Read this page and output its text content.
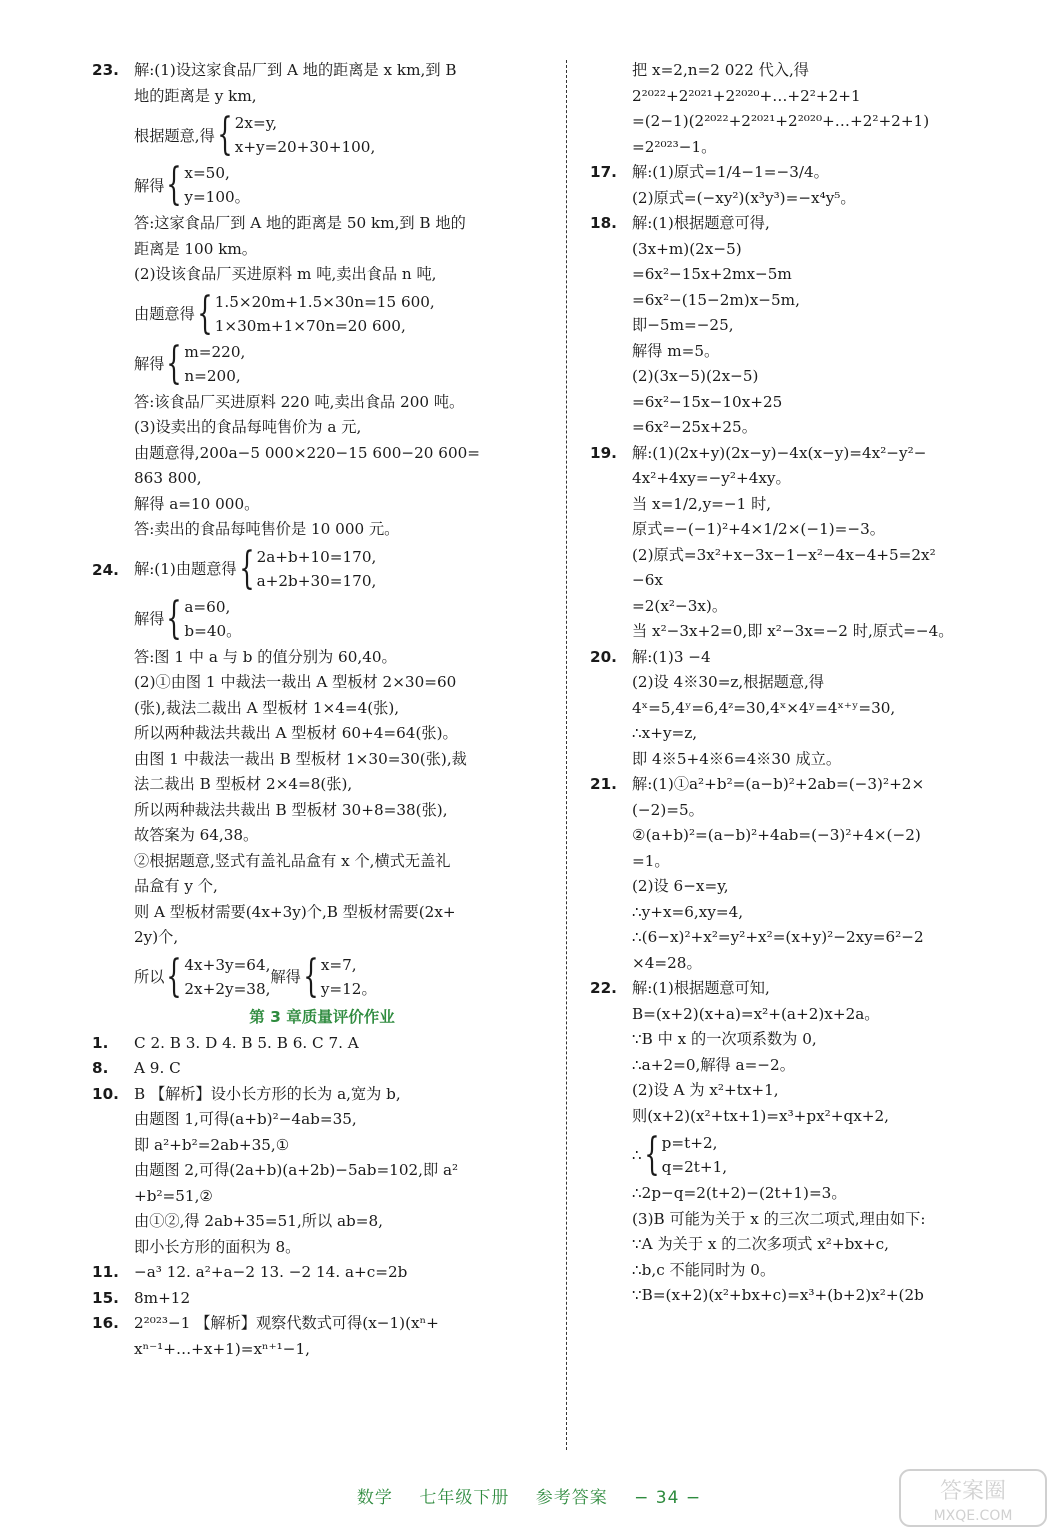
23. 解:(1)设这家食品厂到 A 地的距离是 x km,到 B
地的距离是 y km,
根据题意,得{ 2x=y,
x+y=20+30+100,
解得{ x=50,
y=100。
答:这家食品厂到 A 地的距离是 50 km,到 B 地的
距离是 100 km。
(2)设该食品厂买进原料 m 吨,卖出食品 n 吨,
由题意得{ 1.5×20m+1.5×30n=15 600,
1×30m+1×70n=20 600,
解得{ m=220,
n=200,
答:该食品厂买进原料 220 吨,卖出食品 200 吨。
(3)设卖出的食品每吨售价为 a 元,
由题意得,200a−5 000×220−15 600−20 600=
863 800,
解得 a=10 000。
答:卖出的食品每吨售价是 10 000 元。
24. 解:(1)由题意得{ 2a+b+10=170,
a+2b+30=170,
解得{ a=60,
b=40。
答:图 1 中 a 与 b 的值分别为 60,40。
(2)①由图 1 中裁法一裁出 A 型板材 2×30=60
(张),裁法二裁出 A 型板材 1×4=4(张),
所以两种裁法共裁出 A 型板材 60+4=64(张)。
由图 1 中裁法一裁出 B 型板材 1×30=30(张),裁
法二裁出 B 型板材 2×4=8(张),
所以两种裁法共裁出 B 型板材 30+8=38(张),
故答案为 64,38。
②根据题意,竖式有盖礼品盒有 x 个,横式无盖礼
品盒有 y 个,
则 A 型板材需要(4x+3y)个,B 型板材需要(2x+
2y)个,
所以{ 4x+3y=64,
2x+2y=38,
解得{ x=7,
y=12。
第 3 章质量评价作业
1. C 2. B 3. D 4. B 5. B 6. C 7. A
8. A 9. C
10. B 【解析】设小长方形的长为 a,宽为 b,
由题图 1,可得(a+b)²−4ab=35,
即 a²+b²=2ab+35,①
由题图 2,可得(2a+b)(a+2b)−5ab=102,即 a²
+b²=51,②
由①②,得 2ab+35=51,所以 ab=8,
即小长方形的面积为 8。
11. −a³ 12. a²+a−2 13. −2 14. a+c=2b
15. 8m+12
16. 2²⁰²³−1 【解析】观察代数式可得(x−1)(xⁿ+
xⁿ⁻¹+…+x+1)=xⁿ⁺¹−1,
把 x=2,n=2 022 代入,得
2²⁰²²+2²⁰²¹+2²⁰²⁰+…+2²+2+1
=(2−1)(2²⁰²²+2²⁰²¹+2²⁰²⁰+…+2²+2+1)
=2²⁰²³−1。
17. 解:(1)原式=1/4−1=−3/4。
(2)原式=(−xy²)(x³y³)=−x⁴y⁵。
18. 解:(1)根据题意可得,
(3x+m)(2x−5)
=6x²−15x+2mx−5m
=6x²−(15−2m)x−5m,
即−5m=−25,
解得 m=5。
(2)(3x−5)(2x−5)
=6x²−15x−10x+25
=6x²−25x+25。
19. 解:(1)(2x+y)(2x−y)−4x(x−y)=4x²−y²−
4x²+4xy=−y²+4xy。
当 x=1/2,y=−1 时,
原式=−(−1)²+4×1/2×(−1)=−3。
(2)原式=3x²+x−3x−1−x²−4x−4+5=2x²
−6x
=2(x²−3x)。
当 x²−3x+2=0,即 x²−3x=−2 时,原式=−4。
20. 解:(1)3 −4
(2)设 4※30=z,根据题意,得
4ˣ=5,4ʸ=6,4ᶻ=30,4ˣ×4ʸ=4ˣ⁺ʸ=30,
∴x+y=z,
即 4※5+4※6=4※30 成立。
21. 解:(1)①a²+b²=(a−b)²+2ab=(−3)²+2×
(−2)=5。
②(a+b)²=(a−b)²+4ab=(−3)²+4×(−2)
=1。
(2)设 6−x=y,
∴y+x=6,xy=4,
∴(6−x)²+x²=y²+x²=(x+y)²−2xy=6²−2
×4=28。
22. 解:(1)根据题意可知,
B=(x+2)(x+a)=x²+(a+2)x+2a。
∵B 中 x 的一次项系数为 0,
∴a+2=0,解得 a=−2。
(2)设 A 为 x²+tx+1,
则(x+2)(x²+tx+1)=x³+px²+qx+2,
∴{ p=t+2,
q=2t+1,
∴2p−q=2(t+2)−(2t+1)=3。
(3)B 可能为关于 x 的三次二项式,理由如下:
∵A 为关于 x 的二次多项式 x²+bx+c,
∴b,c 不能同时为 0。
∵B=(x+2)(x²+bx+c)=x³+(b+2)x²+(2b
数学 七年级下册 参考答案 − 34 −	答案圈
MXQE.COM
